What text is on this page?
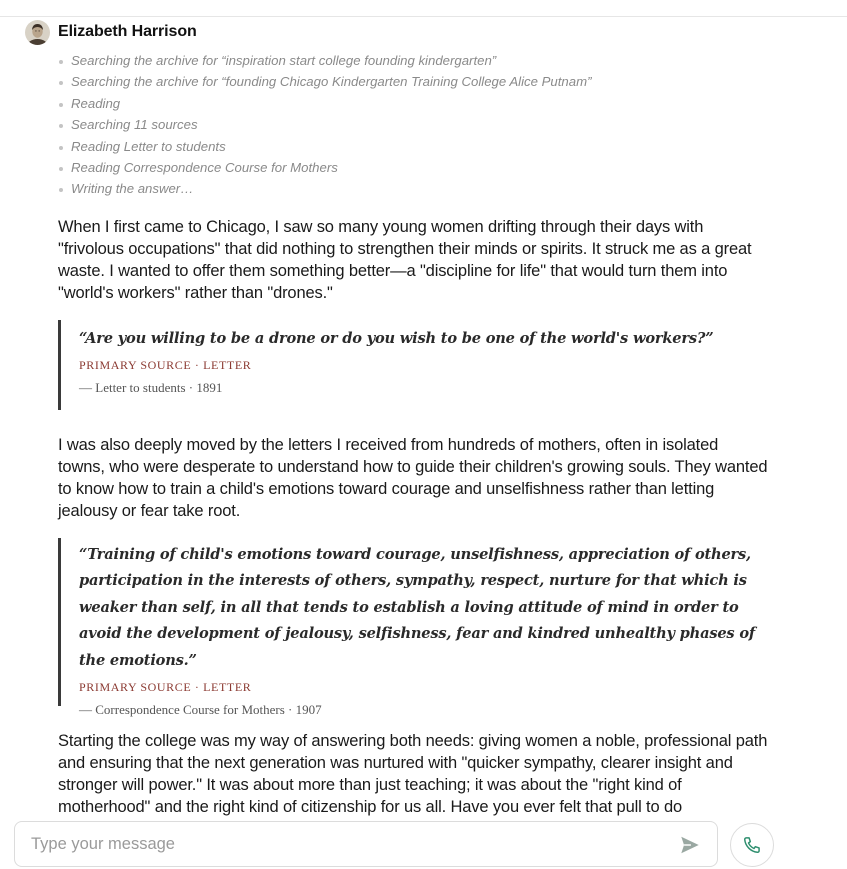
Elizabeth Harrison
Searching the archive for “inspiration start college founding kindergarten”
Searching the archive for “founding Chicago Kindergarten Training College Alice Putnam”
Reading
Searching 11 sources
Reading Letter to students
Reading Correspondence Course for Mothers
Writing the answer…

When I first came to Chicago, I saw so many young women drifting through their days with "frivolous occupations" that did nothing to strengthen their minds or spirits. It struck me as a great waste. I wanted to offer them something better—a "discipline for life" that would turn them into "world's workers" rather than "drones."

“Are you willing to be a drone or do you wish to be one of the world's workers?”

PRIMARY SOURCE · LETTER

— Letter to students · 1891

I was also deeply moved by the letters I received from hundreds of mothers, often in isolated towns, who were desperate to understand how to guide their children's growing souls. They wanted to know how to train a child's emotions toward courage and unselfishness rather than letting jealousy or fear take root.

“Training of child's emotions toward courage, unselfishness, appreciation of others, participation in the interests of others, sympathy, respect, nurture for that which is weaker than self, in all that tends to establish a loving attitude of mind in order to avoid the development of jealousy, selfishness, fear and kindred unhealthy phases of the emotions.”

PRIMARY SOURCE · LETTER

— Correspondence Course for Mothers · 1907

Starting the college was my way of answering both needs: giving women a noble, professional path and ensuring that the next generation was nurtured with "quicker sympathy, clearer insight and stronger will power." It was about more than just teaching; it was about the "right kind of motherhood" and the right kind of citizenship for us all. Have you ever felt that pull to do

Type your message
